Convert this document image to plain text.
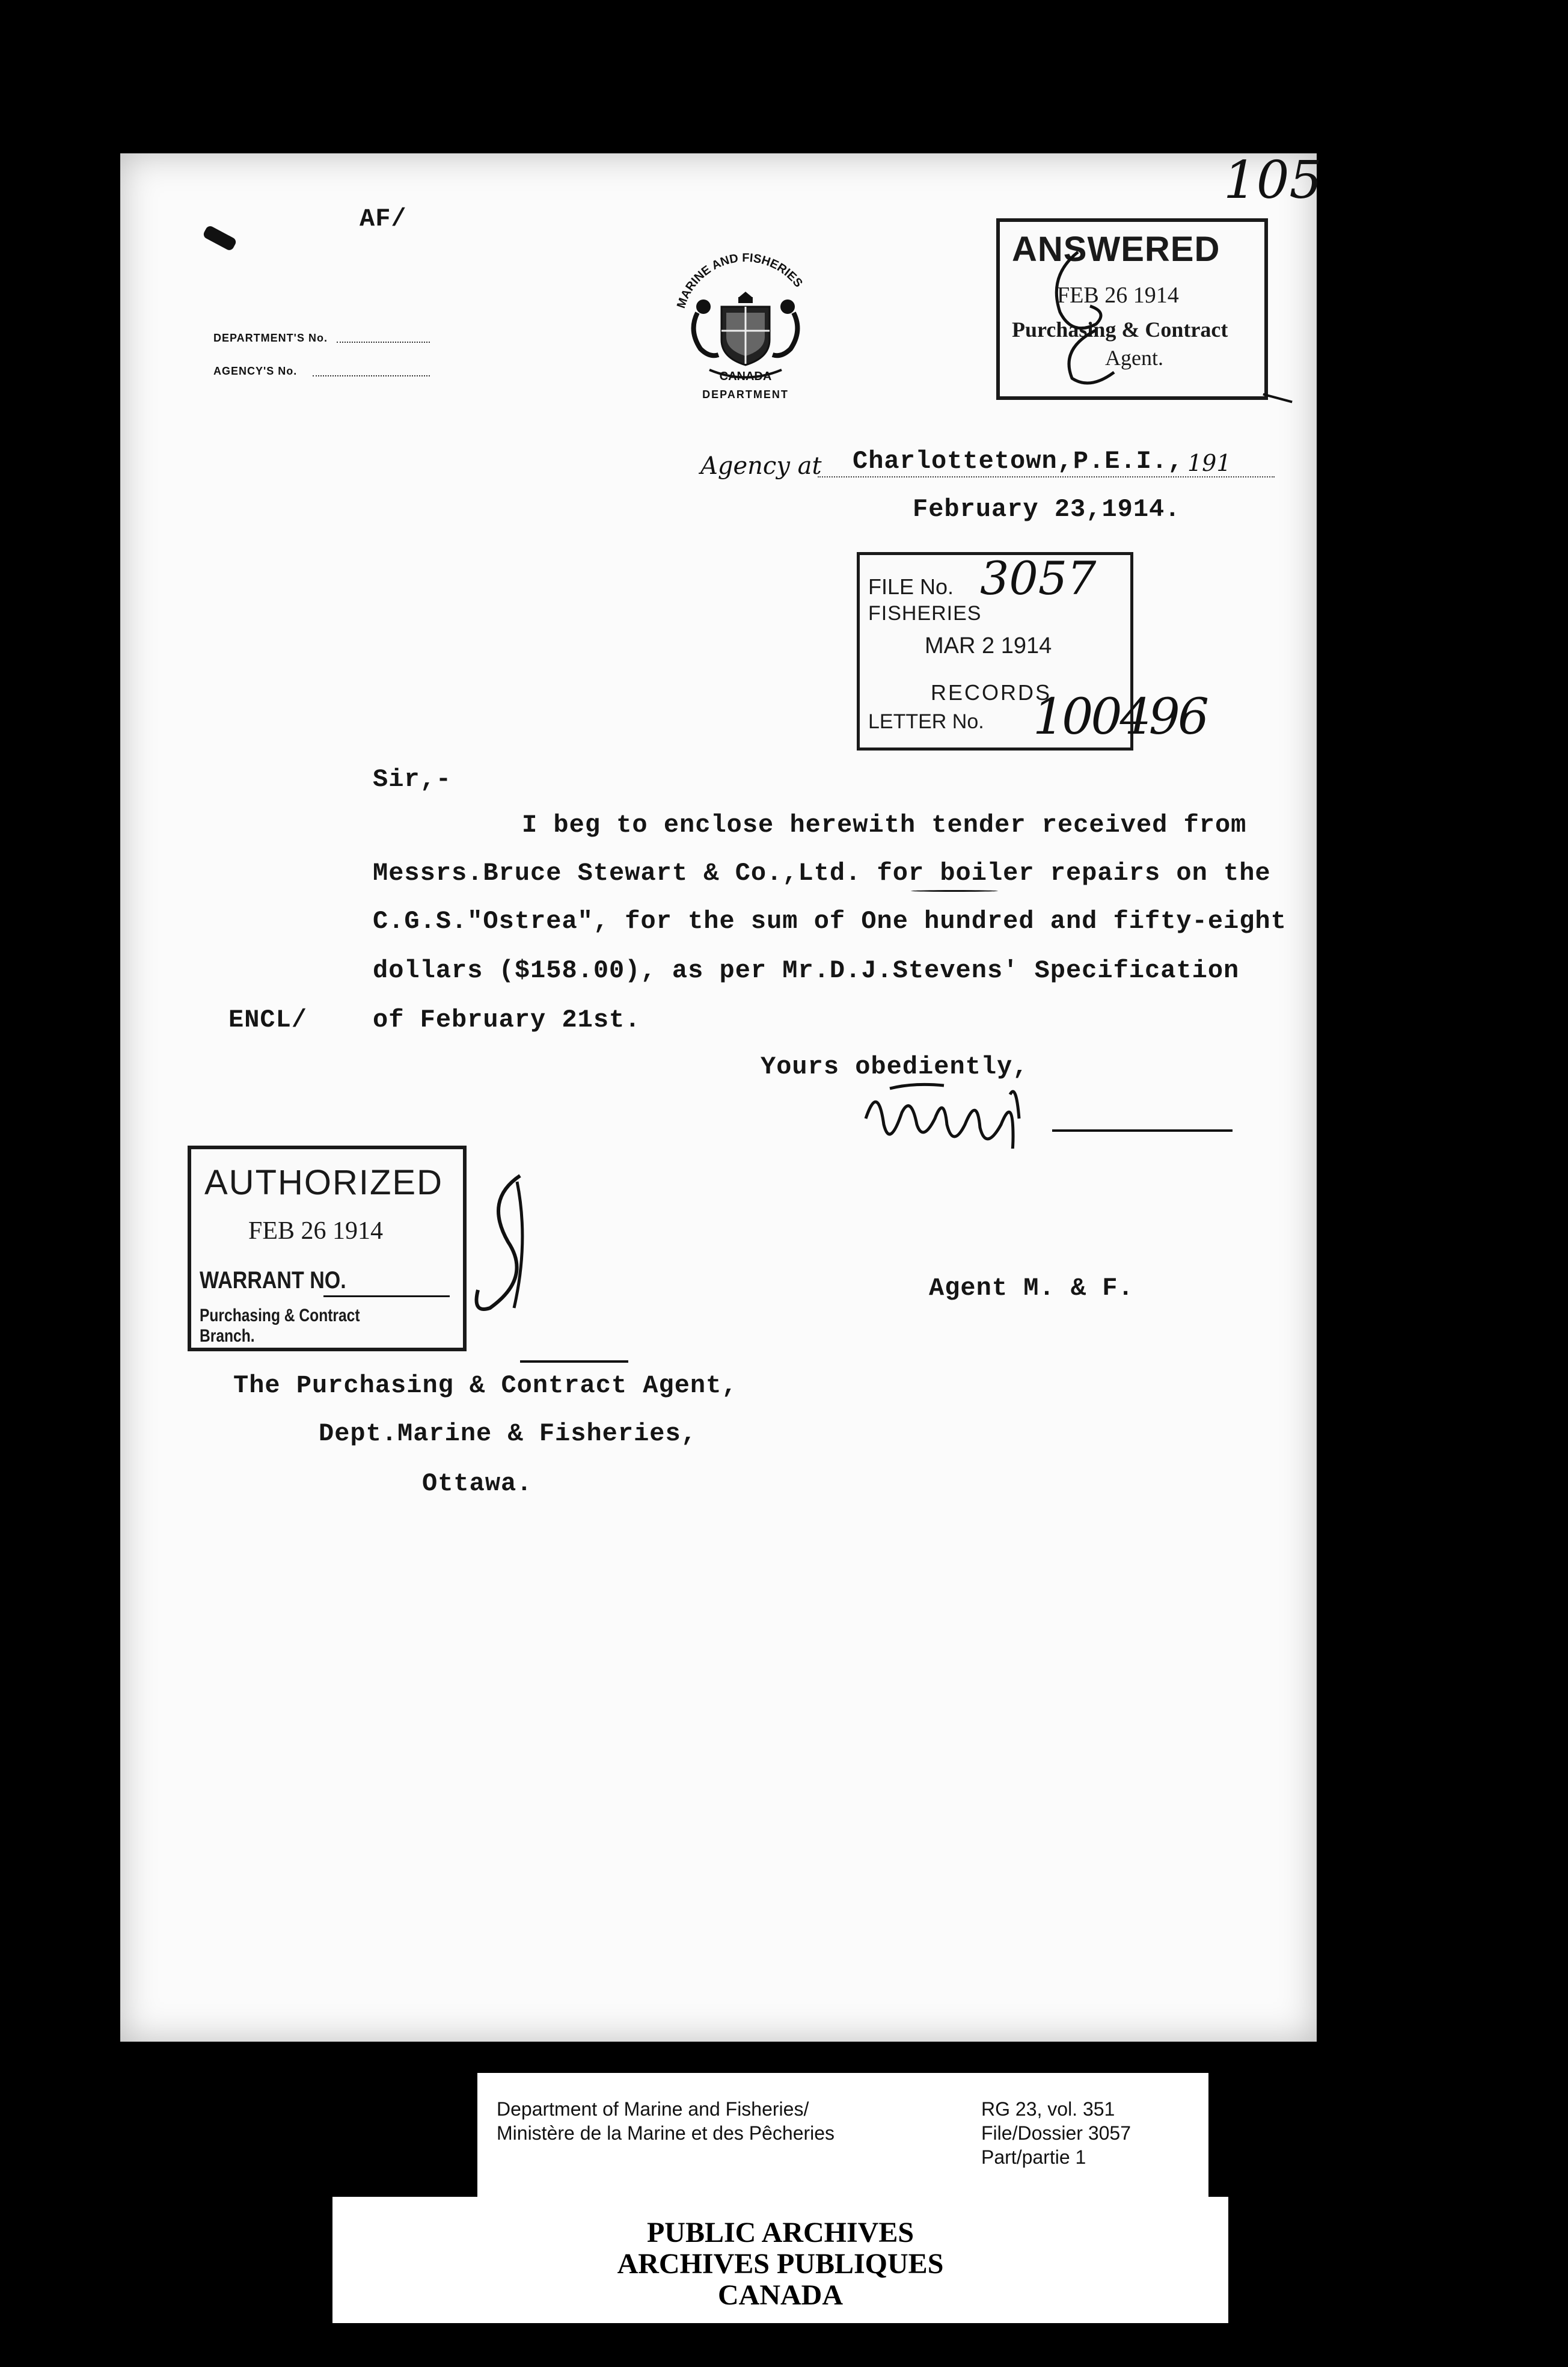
105
AF/
DEPARTMENT'S No.
AGENCY'S No.
MARINE AND FISHERIES
CANADA
DEPARTMENT
ANSWERED
FEB 26 1914
Purchasing & Contract
Agent.
Agency at Charlottetown,P.E.I., 191
February 23,1914.
FILE No. 3057
FISHERIES
MAR 2 1914
RECORDS
LETTER No. 100496
Sir,-
I beg to enclose herewith tender received from
Messrs.Bruce Stewart & Co.,Ltd. for boiler repairs on the
C.G.S."Ostrea", for the sum of One hundred and fifty-eight
dollars ($158.00), as per Mr.D.J.Stevens' Specification
of February 21st.
ENCL/
Yours obediently,
AUTHORIZED
FEB 26 1914
WARRANT NO.
Purchasing & Contract Branch.
Agent M. & F.
The Purchasing & Contract Agent,
Dept.Marine & Fisheries,
Ottawa.
Department of Marine and Fisheries/
Ministère de la Marine et des Pêcheries
RG 23, vol. 351
File/Dossier 3057
Part/partie 1
PUBLIC ARCHIVES
ARCHIVES PUBLIQUES
CANADA
